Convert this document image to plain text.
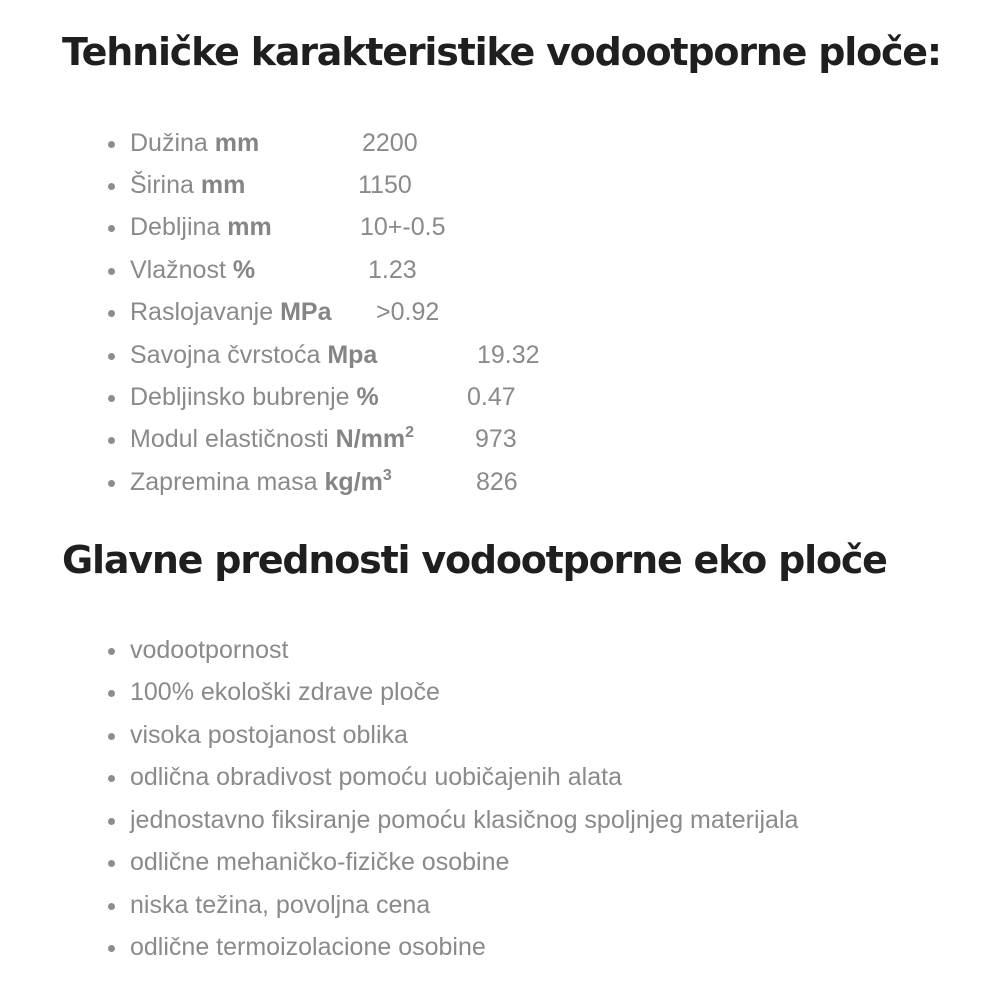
Tehničke karakteristike vodootporne ploče:
Dužina mm	2200
Širina mm	1150
Debljina mm	10+-0.5
Vlažnost %	1.23
Raslojavanje MPa >0.92
Savojna čvrstoća Mpa	19.32
Debljinsko bubrenje %	0.47
Modul elastičnosti $N/mm^2$ 973
Zapremina masa $kg/m^3$	826
Glavne prednosti vodootporne eko ploče
vodootpornost
100% ekološki zdrave ploče
visoka postojanost oblika
odlična obradivost pomoću uobičajenih alata
jednostavno fiksiranje pomoću klasičnog spoljnjeg materijala
odlične mehaničko-fizičke osobine
niska težina, povoljna cena
odlične termoizolacione osobine
